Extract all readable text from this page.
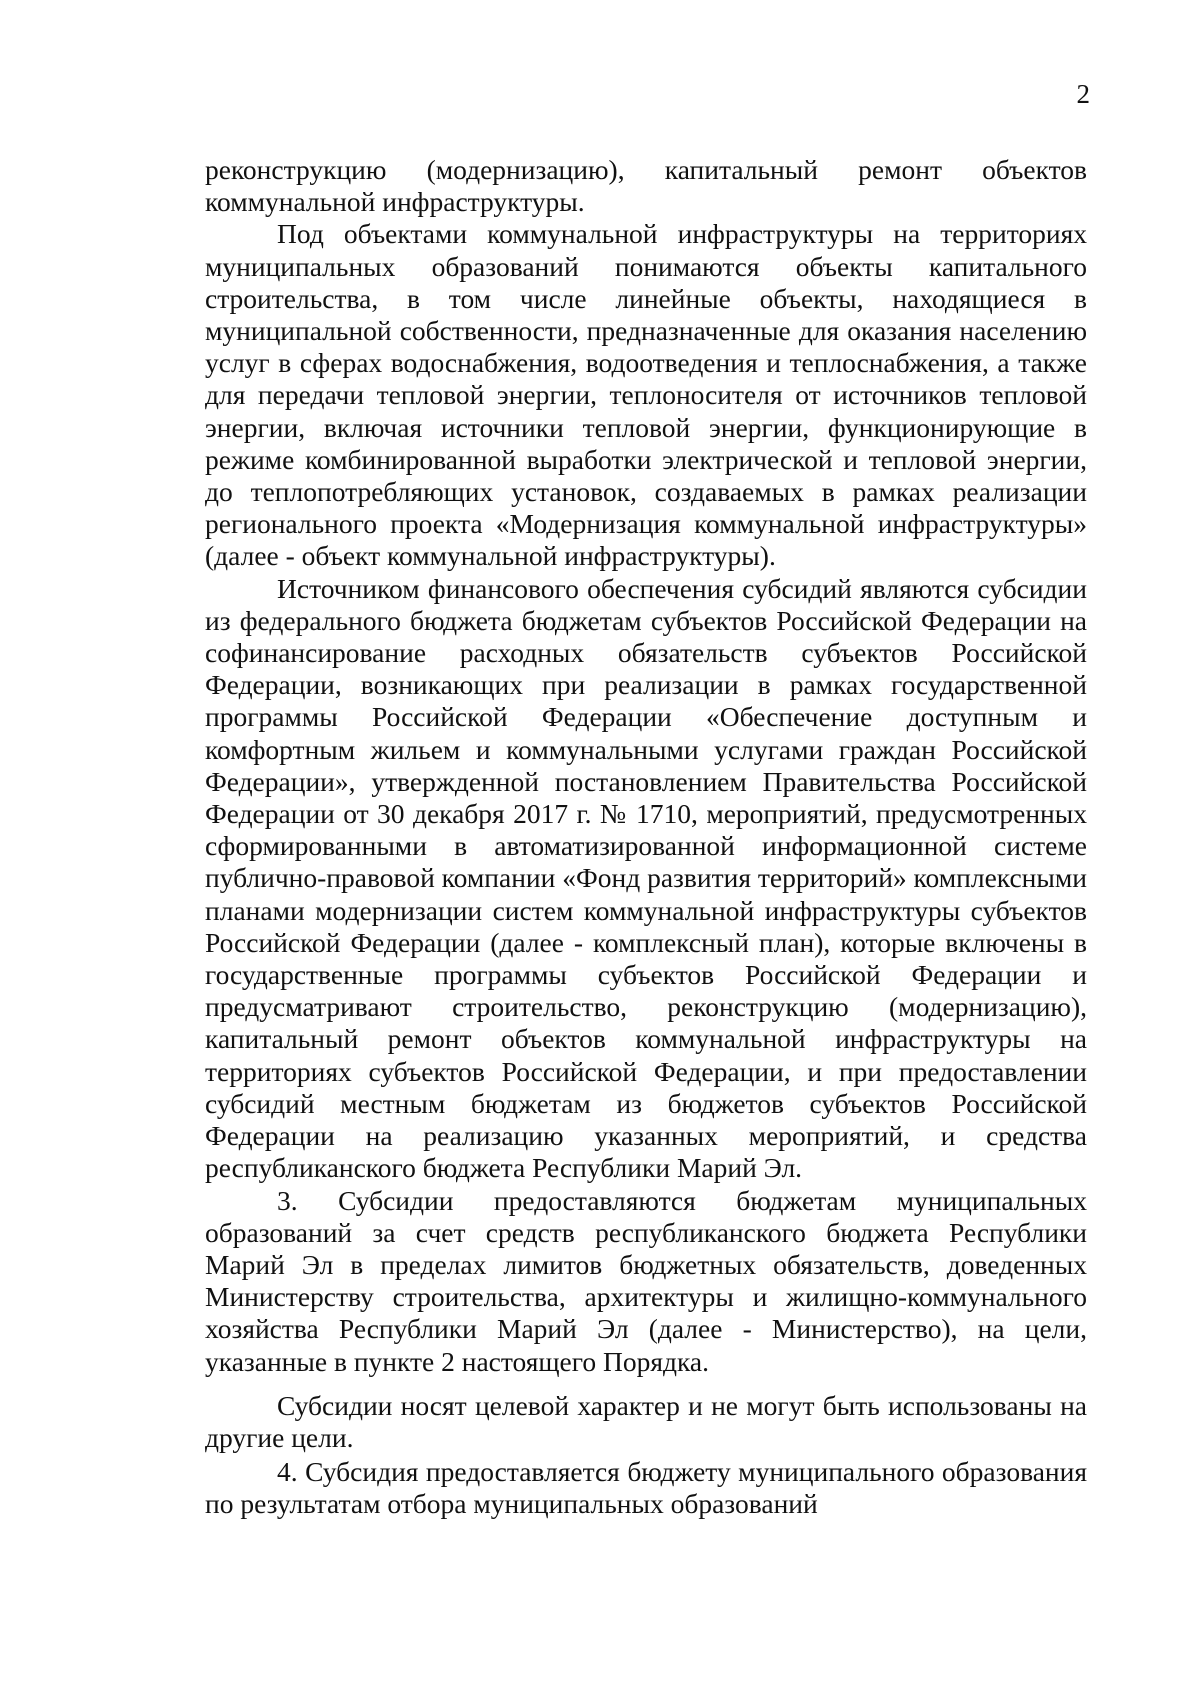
2

реконструкцию (модернизацию), капитальный ремонт объектов коммунальной инфраструктуры.

Под объектами коммунальной инфраструктуры на территориях муниципальных образований понимаются объекты капитального строительства, в том числе линейные объекты, находящиеся в муниципальной собственности, предназначенные для оказания населению услуг в сферах водоснабжения, водоотведения и теплоснабжения, а также для передачи тепловой энергии, теплоносителя от источников тепловой энергии, включая источники тепловой энергии, функционирующие в режиме комбинированной выработки электрической и тепловой энергии, до теплопотребляющих установок, создаваемых в рамках реализации регионального проекта «Модернизация коммунальной инфраструктуры» (далее - объект коммунальной инфраструктуры).

Источником финансового обеспечения субсидий являются субсидии из федерального бюджета бюджетам субъектов Российской Федерации на софинансирование расходных обязательств субъектов Российской Федерации, возникающих при реализации в рамках государственной программы Российской Федерации «Обеспечение доступным и комфортным жильем и коммунальными услугами граждан Российской Федерации», утвержденной постановлением Правительства Российской Федерации от 30 декабря 2017 г. № 1710, мероприятий, предусмотренных сформированными в автоматизированной информационной системе публично-правовой компании «Фонд развития территорий» комплексными планами модернизации систем коммунальной инфраструктуры субъектов Российской Федерации (далее - комплексный план), которые включены в государственные программы субъектов Российской Федерации и предусматривают строительство, реконструкцию (модернизацию), капитальный ремонт объектов коммунальной инфраструктуры на территориях субъектов Российской Федерации, и при предоставлении субсидий местным бюджетам из бюджетов субъектов Российской Федерации на реализацию указанных мероприятий, и средства республиканского бюджета Республики Марий Эл.

3. Субсидии предоставляются бюджетам муниципальных образований за счет средств республиканского бюджета Республики Марий Эл в пределах лимитов бюджетных обязательств, доведенных Министерству строительства, архитектуры и жилищно-коммунального хозяйства Республики Марий Эл (далее - Министерство), на цели, указанные в пункте 2 настоящего Порядка.

Субсидии носят целевой характер и не могут быть использованы на другие цели.

4. Субсидия предоставляется бюджету муниципального образования по результатам отбора муниципальных образований
